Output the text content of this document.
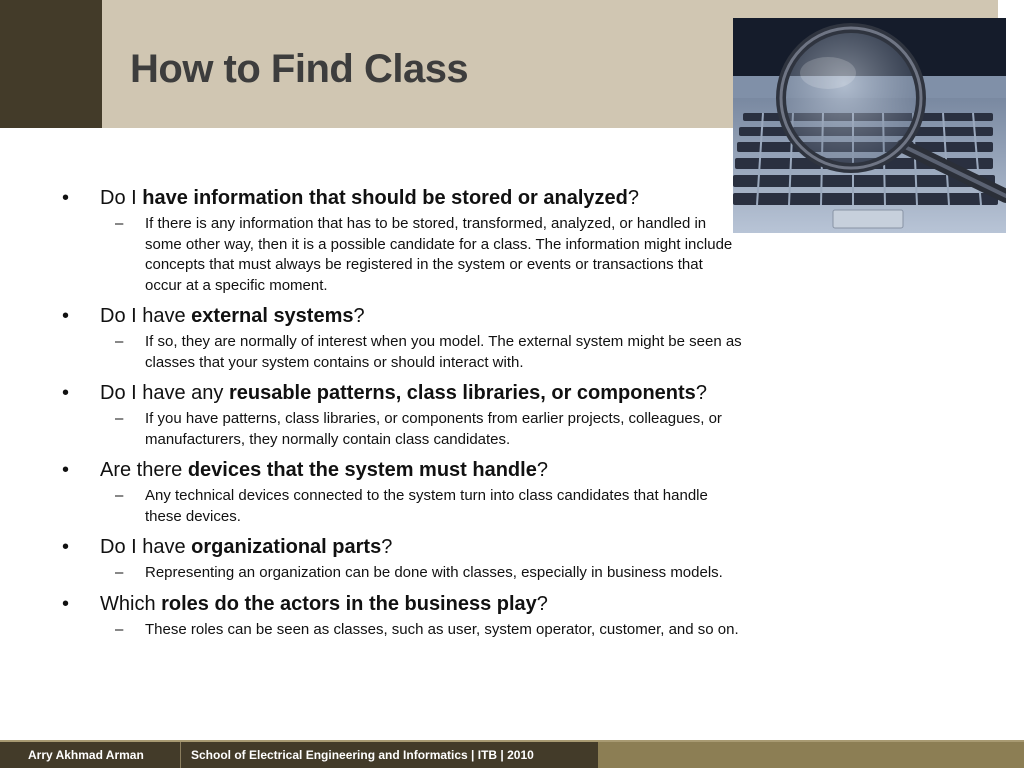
How to Find Class
•	Do I have information that should be stored or analyzed?
– If there is any information that has to be stored, transformed, analyzed, or handled in some other way, then it is a possible candidate for a class. The information might include concepts that must always be registered in the system or events or transactions that occur at a specific moment.
•	Do I have external systems?
– If so, they are normally of interest when you model. The external system might be seen as classes that your system contains or should interact with.
•	Do I have any reusable patterns, class libraries, or components?
– If you have patterns, class libraries, or components from earlier projects, colleagues, or manufacturers, they normally contain class candidates.
•	Are there devices that the system must handle?
– Any technical devices connected to the system turn into class candidates that handle these devices.
•	Do I have organizational parts?
– Representing an organization can be done with classes, especially in business models.
•	Which roles do the actors in the business play?
– These roles can be seen as classes, such as user, system operator, customer, and so on.
Arry Akhmad Arman	School of Electrical Engineering and Informatics | ITB | 2010
